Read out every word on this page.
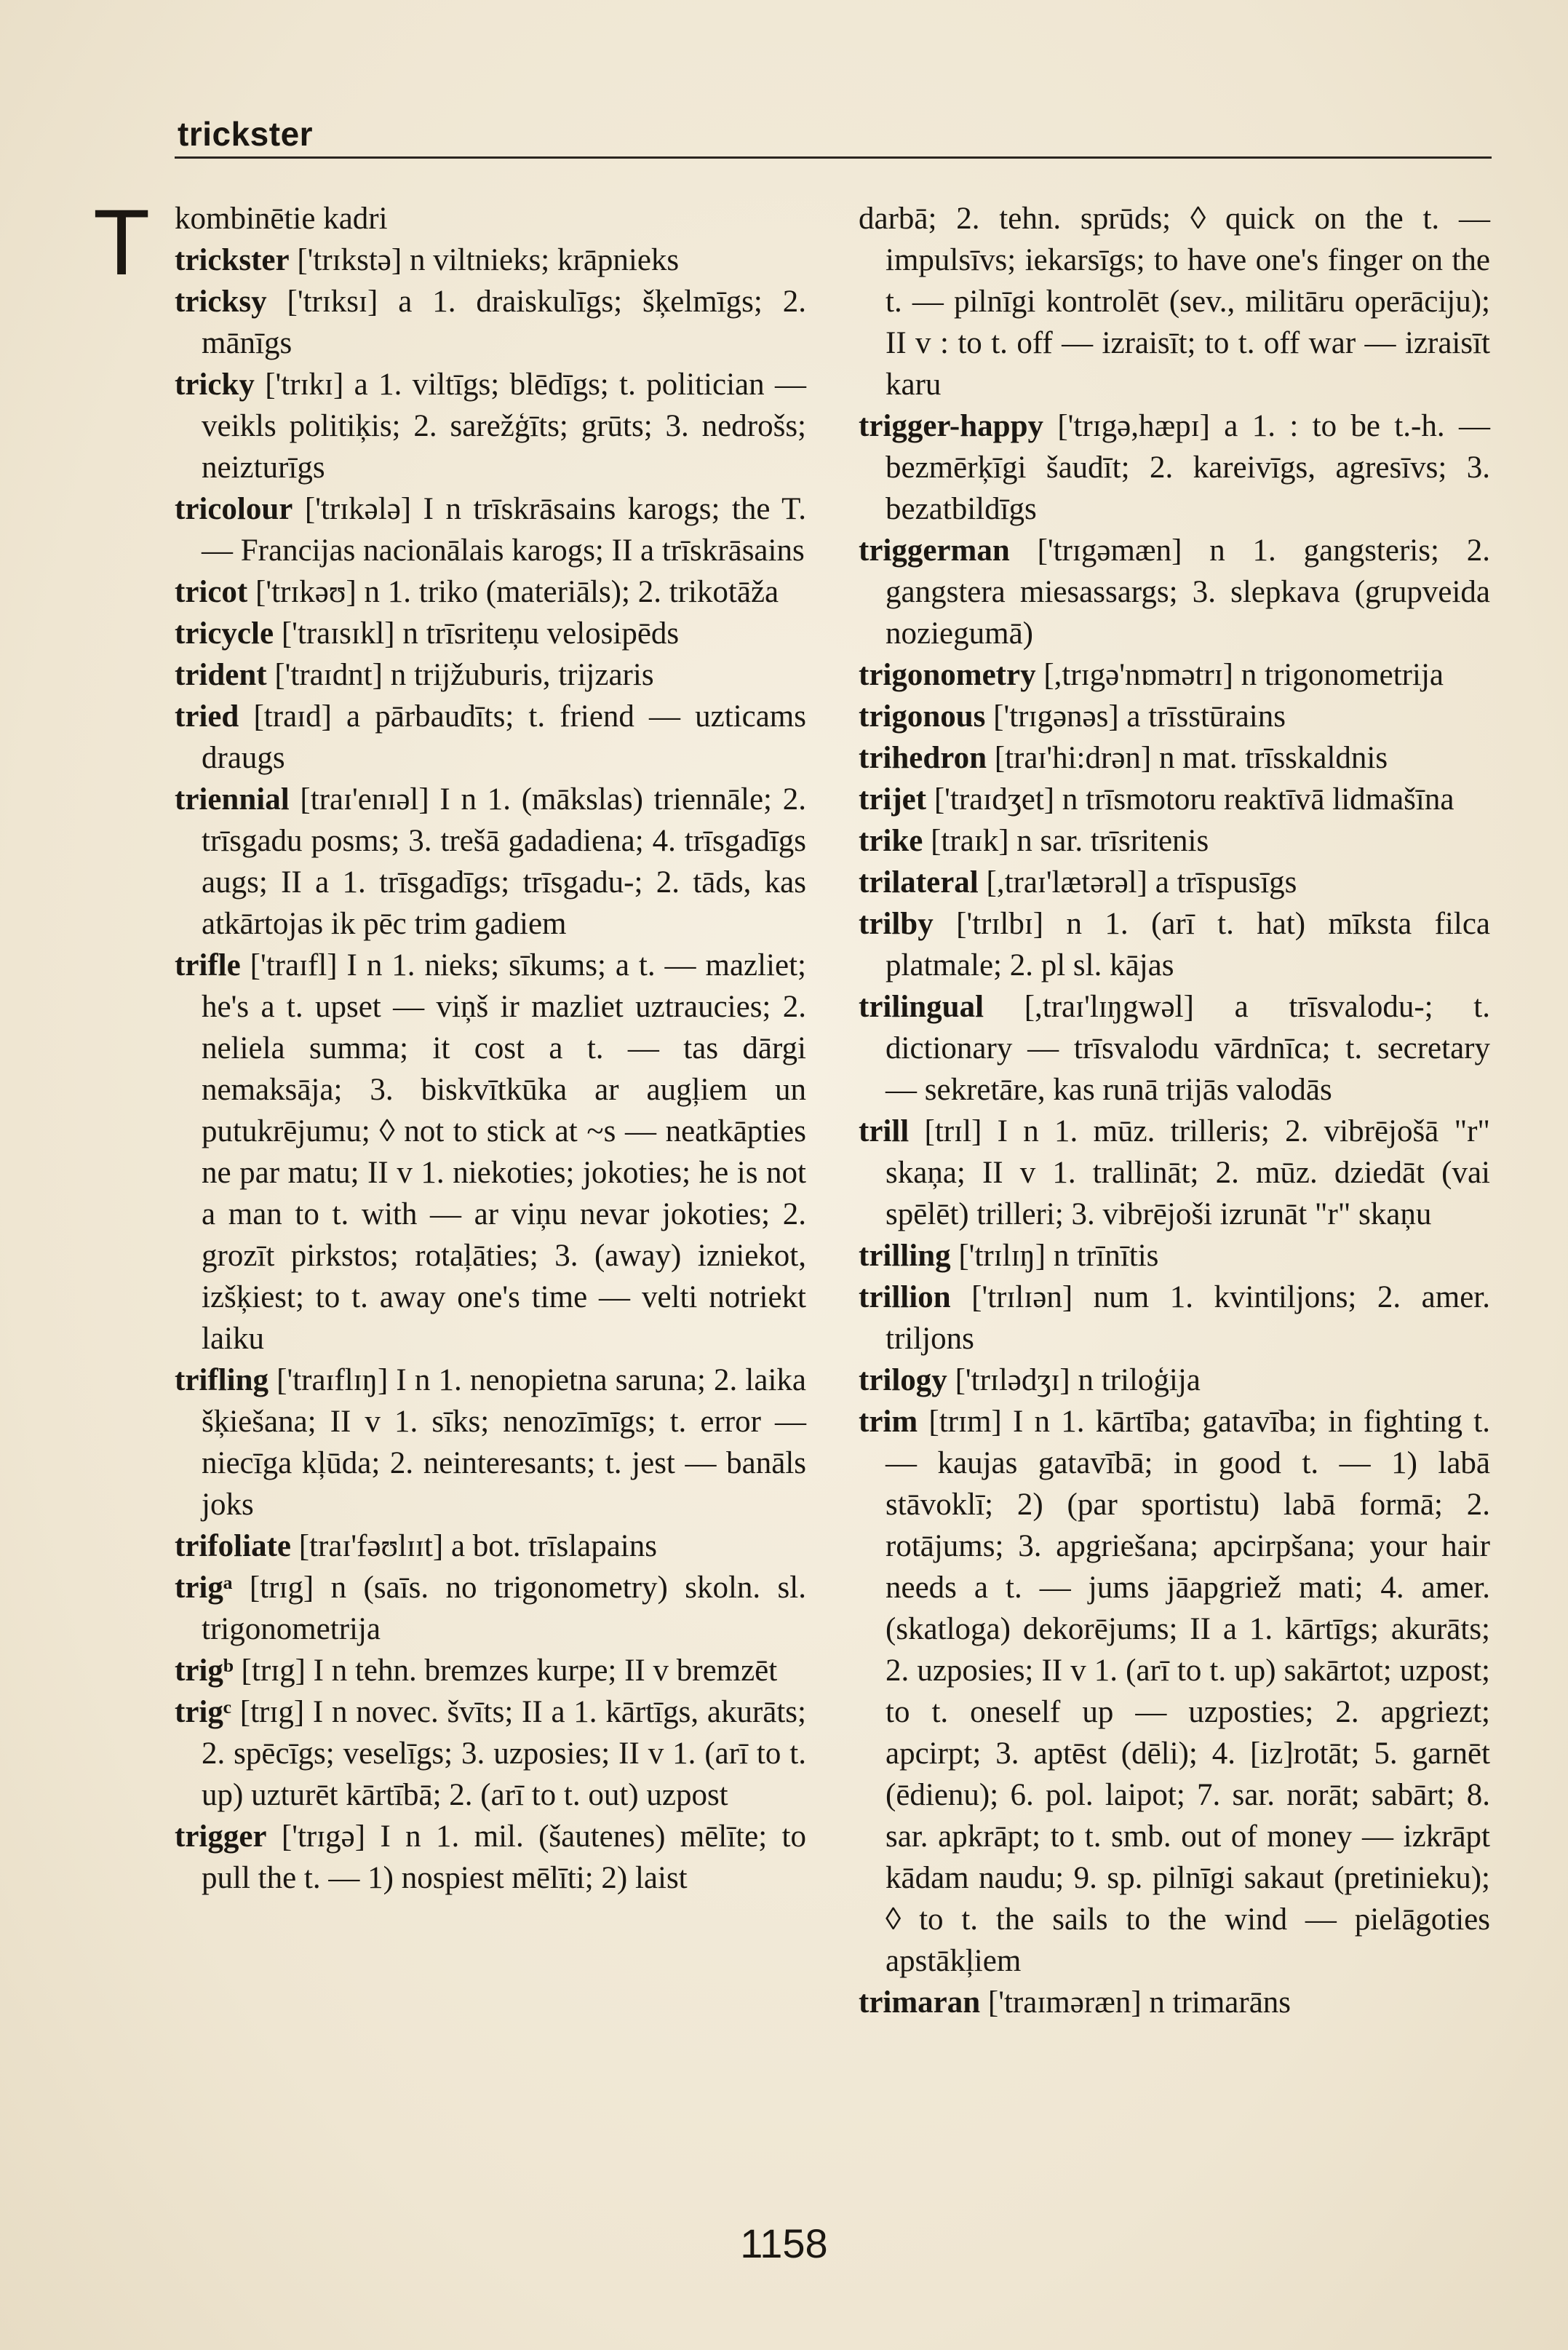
trickster
T kombinētie kadri

trickster ['trɪkstə] n viltnieks; krāpnieks

tricksy ['trɪksɪ] a 1. draiskulīgs; šķelmīgs; 2. mānīgs

tricky ['trɪkɪ] a 1. viltīgs; blēdīgs; t. politician — veikls politiķis; 2. sarežģīts; grūts; 3. nedrošs; neizturīgs

tricolour ['trɪkələ] I n trīskrāsains karogs; the T. — Francijas nacionālais karogs; II a trīskrāsains

tricot ['trɪkəʊ] n 1. triko (materiāls); 2. trikotāža

tricycle ['traɪsɪkl] n trīsriteņu velosipēds

trident ['traɪdnt] n trijžuburis, trijzaris

tried [traɪd] a pārbaudīts; t. friend — uzticams draugs

triennial [traɪ'enɪəl] I n 1. (mākslas) triennāle; 2. trīsgadu posms; 3. trešā gadadiena; 4. trīsgadīgs augs; II a 1. trīsgadīgs; trīsgadu-; 2. tāds, kas atkārtojas ik pēc trim gadiem

trifle ['traɪfl] I n 1. nieks; sīkums; a t. — mazliet; he's a t. upset — viņš ir mazliet uztraucies; 2. neliela summa; it cost a t. — tas dārgi nemaksāja; 3. biskvītkūka ar augļiem un putukrējumu; ◊ not to stick at ~s — neatkāpties ne par matu; II v 1. niekoties; jokoties; he is not a man to t. with — ar viņu nevar jokoties; 2. grozīt pirkstos; rotaļāties; 3. (away) izniekot, izšķiest; to t. away one's time — velti notriekt laiku

trifling ['traɪflɪŋ] I n 1. nenopietna saruna; 2. laika šķiešana; II v 1. sīks; nenozīmīgs; t. error — niecīga kļūda; 2. neinteresants; t. jest — banāls joks

trifoliate [traɪ'fəʊlɪɪt] a bot. trīslapains

trigᵃ [trɪg] n (saīs. no trigonometry) skoln. sl. trigonometrija

trigᵇ [trɪg] I n tehn. bremzes kurpe; II v bremzēt

trigᶜ [trɪg] I n novec. švīts; II a 1. kārtīgs, akurāts; 2. spēcīgs; veselīgs; 3. uzposies; II v 1. (arī to t. up) uzturēt kārtībā; 2. (arī to t. out) uzpost

trigger ['trɪgə] I n 1. mil. (šautenes) mēlīte; to pull the t. — 1) nospiest mēlīti; 2) laist

darbā; 2. tehn. sprūds; ◊ quick on the t. — impulsīvs; iekarsīgs; to have one's finger on the t. — pilnīgi kontrolēt (sev., militāru operāciju); II v : to t. off — izraisīt; to t. off war — izraisīt karu

trigger-happy ['trɪgə,hæpɪ] a 1. : to be t.-h. — bezmērķīgi šaudīt; 2. kareivīgs, agresīvs; 3. bezatbildīgs

triggerman ['trɪgəmæn] n 1. gangsteris; 2. gangstera miesassargs; 3. slepkava (grupveida noziegumā)

trigonometry [,trɪgə'nɒmətrɪ] n trigonometrija

trigonous ['trɪgənəs] a trīsstūrains

trihedron [traɪ'hi:drən] n mat. trīsskaldnis

trijet ['traɪdʒet] n trīsmotoru reaktīvā lidmašīna

trike [traɪk] n sar. trīsritenis

trilateral [,traɪ'lætərəl] a trīspusīgs

trilby ['trɪlbɪ] n 1. (arī t. hat) mīksta filca platmale; 2. pl sl. kājas

trilingual [,traɪ'lɪŋgwəl] a trīsvalodu-; t. dictionary — trīsvalodu vārdnīca; t. secretary — sekretāre, kas runā trijās valodās

trill [trɪl] I n 1. mūz. trilleris; 2. vibrējošā "r" skaņa; II v 1. trallināt; 2. mūz. dziedāt (vai spēlēt) trilleri; 3. vibrējoši izrunāt "r" skaņu

trilling ['trɪlɪŋ] n trīnītis

trillion ['trɪlɪən] num 1. kvintiljons; 2. amer. triljons

trilogy ['trɪlədʒɪ] n triloģija

trim [trɪm] I n 1. kārtība; gatavība; in fighting t. — kaujas gatavībā; in good t. — 1) labā stāvoklī; 2) (par sportistu) labā formā; 2. rotājums; 3. apgriešana; apcirpšana; your hair needs a t. — jums jāapgriež mati; 4. amer. (skatloga) dekorējums; II a 1. kārtīgs; akurāts; 2. uzposies; II v 1. (arī to t. up) sakārtot; uzpost; to t. oneself up — uzposties; 2. apgriezt; apcirpt; 3. aptēst (dēli); 4. [iz]rotāt; 5. garnēt (ēdienu); 6. pol. laipot; 7. sar. norāt; sabārt; 8. sar. apkrāpt; to t. smb. out of money — izkrāpt kādam naudu; 9. sp. pilnīgi sakaut (pretinieku); ◊ to t. the sails to the wind — pielāgoties apstākļiem

trimaran ['traɪməræn] n trimarāns

1158
